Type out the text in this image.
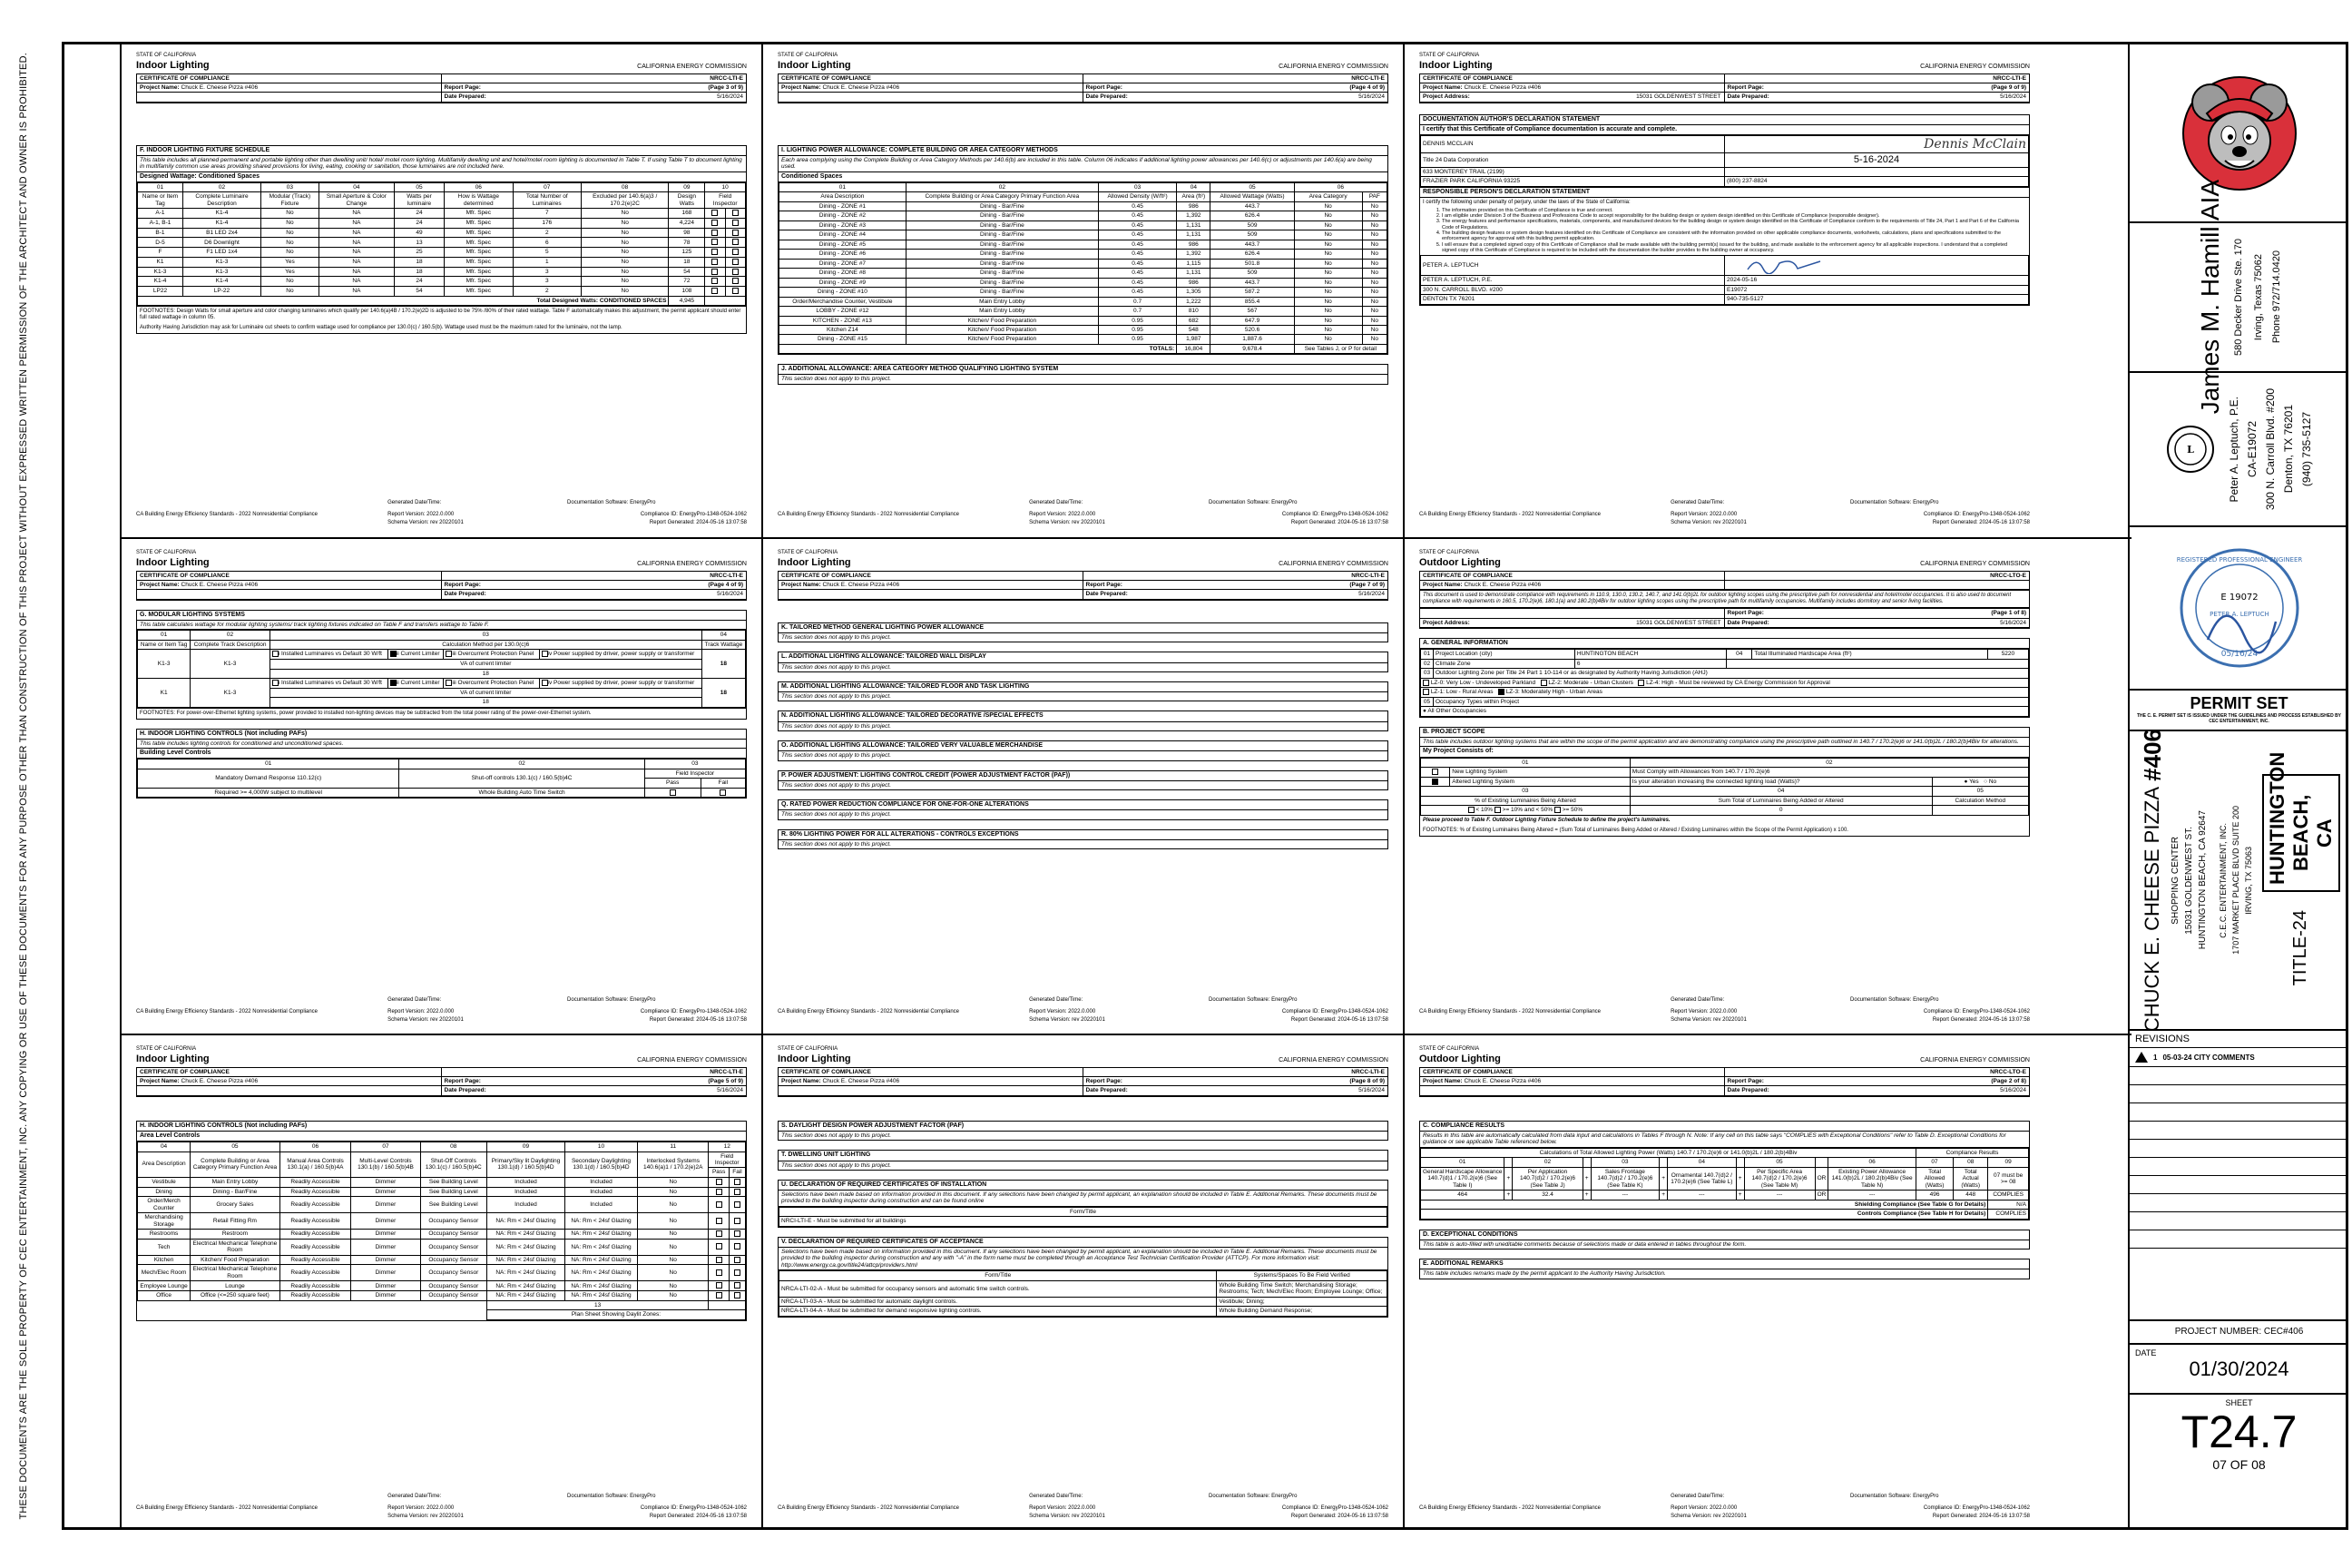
THESE DOCUMENTS ARE THE SOLE PROPERTY OF CEC ENTERTAINMENT, INC. ANY COPYING OR USE OF THESE DOCUMENTS FOR ANY PURPOSE OTHER THAN CONSTRUCTION OF THIS PROJECT WITHOUT EXPRESSED WRITTEN PERMISSION OF THE ARCHITECT AND OWNER IS PROHIBITED.	STATE OF CALIFORNIA
Indoor Lighting	CALIFORNIA ENERGY COMMISSION
CERTIFICATE OF COMPLIANCE	NRCC-LTI-E
Project Name: Chuck E. Cheese Pizza #406	Report Page:	(Page 3 of 9)
Date Prepared:	5/16/2024
F. INDOOR LIGHTING FIXTURE SCHEDULE
This table includes all planned permanent and portable lighting other than dwelling unit/ hotel/ motel room lighting. Multifamily dwelling unit and hotel/motel room lighting is documented in Table T. If using Table T to document lighting in multifamily common use areas providing shared provisions for living, eating, cooking or sanitation, those luminaires are not included here.
Designed Wattage: Conditioned Spaces
01	02	03	04	05	06	07	08	09	10	
Name or Item Tag	Complete Luminaire Description	Modular (Track) Fixture	Small Aperture & Color Change	Watts per luminaire	How is Wattage determined	Total Number of Luminaires	Excluded per 140.6(a)3 / 170.2(e)2C	Design Watts	Field Inspector	
A-1	K1-4	No	NA	24	Mfr. Spec	7	No	168		
A-1, B-1	K1-4	No	NA	24	Mfr. Spec	176	No	4,224		
B-1	B1 LED 2x4	No	NA	49	Mfr. Spec	2	No	98		
D-5	D6 Downlight	No	NA	13	Mfr. Spec	6	No	78		
F	F1 LED 1x4	No	NA	25	Mfr. Spec	5	No	125		
K1	K1-3	Yes	NA	18	Mfr. Spec	1	No	18		
K1-3	K1-3	Yes	NA	18	Mfr. Spec	3	No	54		
K1-4	K1-4	No	NA	24	Mfr. Spec	3	No	72		
LP22	LP-22	No	NA	54	Mfr. Spec	2	No	108		
Total Designed Watts: CONDITIONED SPACES								4,945		
FOOTNOTES: Design Watts for small aperture and color changing luminaires which qualify per 140.6(a)4B / 170.2(e)2D is adjusted to be 75% /80% of their rated wattage. Table F automatically makes this adjustment, the permit applicant should enter full rated wattage in column 05.
Authority Having Jurisdiction may ask for Luminaire cut sheets to confirm wattage used for compliance per 130.0(c) / 160.5(b). Wattage used must be the maximum rated for the luminaire, not the lamp.
Generated Date/Time:	Documentation Software: EnergyPro
CA Building Energy Efficiency Standards - 2022 Nonresidential Compliance	Report Version: 2022.0.000	Compliance ID: EnergyPro-1348-0524-1062
Schema Version: rev 20220101	Report Generated: 2024-05-16 13:07:58
STATE OF CALIFORNIA
Indoor Lighting	CALIFORNIA ENERGY COMMISSION
CERTIFICATE OF COMPLIANCE	NRCC-LTI-E
Project Name: Chuck E. Cheese Pizza #406	Report Page:	(Page 4 of 9)
Date Prepared:	5/16/2024
I. LIGHTING POWER ALLOWANCE: COMPLETE BUILDING OR AREA CATEGORY METHODS
Each area complying using the Complete Building or Area Category Methods per 140.6(b) are included in this table. Column 06 indicates if additional lighting power allowances per 140.6(c) or adjustments per 140.6(a) are being used.
Conditioned Spaces
01	02	03	04	05	06	
Area Description	Complete Building or Area Category Primary Function Area	Allowed Density (W/ft²)	Area (ft²)	Allowed Wattage (Watts)	Area Category	PAF
Dining - ZONE #1	Dining - Bar/Fine	0.45	986	443.7	No	No
Dining - ZONE #2	Dining - Bar/Fine	0.45	1,392	626.4	No	No
Dining - ZONE #3	Dining - Bar/Fine	0.45	1,131	509	No	No
Dining - ZONE #4	Dining - Bar/Fine	0.45	1,131	509	No	No
Dining - ZONE #5	Dining - Bar/Fine	0.45	986	443.7	No	No
Dining - ZONE #6	Dining - Bar/Fine	0.45	1,392	626.4	No	No
Dining - ZONE #7	Dining - Bar/Fine	0.45	1,115	501.8	No	No
Dining - ZONE #8	Dining - Bar/Fine	0.45	1,131	509	No	No
Dining - ZONE #9	Dining - Bar/Fine	0.45	986	443.7	No	No
Dining - ZONE #10	Dining - Bar/Fine	0.45	1,305	587.2	No	No
Order/Merchandise Counter, Vestibule	Main Entry Lobby	0.7	1,222	855.4	No	No
LOBBY - ZONE #12	Main Entry Lobby	0.7	810	567	No	No
KITCHEN - ZONE #13	Kitchen/ Food Preparation	0.95	682	647.9	No	No
Kitchen Z14	Kitchen/ Food Preparation	0.95	548	520.6	No	No
Dining - ZONE #15	Kitchen/ Food Preparation	0.95	1,987	1,887.6	No	No
TOTALS:			16,804	9,678.4	See Tables J, or P for detail	
J. ADDITIONAL ALLOWANCE: AREA CATEGORY METHOD QUALIFYING LIGHTING SYSTEM
This section does not apply to this project.
Generated Date/Time:	Documentation Software: EnergyPro
CA Building Energy Efficiency Standards - 2022 Nonresidential Compliance	Report Version: 2022.0.000	Compliance ID: EnergyPro-1348-0524-1062
Schema Version: rev 20220101	Report Generated: 2024-05-16 13:07:58
STATE OF CALIFORNIA
Indoor Lighting	CALIFORNIA ENERGY COMMISSION
CERTIFICATE OF COMPLIANCE	NRCC-LTI-E
Project Name: Chuck E. Cheese Pizza #406	Report Page:	(Page 9 of 9)
Project Address:	15031 GOLDENWEST STREET Date Prepared:	5/16/2024
DOCUMENTATION AUTHOR'S DECLARATION STATEMENT
I certify that this Certificate of Compliance documentation is accurate and complete.
DENNIS MCCLAIN	Dennis McClain
Title 24 Data Corporation	5-16-2024
633 MONTEREY TRAIL (2199)	
FRAZIER PARK CALIFORNIA 93225	(800) 237-8824
RESPONSIBLE PERSON'S DECLARATION STATEMENT
I certify the following under penalty of perjury, under the laws of the State of California:
1. The information provided on this Certificate of Compliance is true and correct.
2. I am eligible under Division 3 of the Business and Professions Code to accept responsibility for the building design or system design identified on this Certificate of Compliance (responsible designer).
3. The energy features and performance specifications, materials, components, and manufactured devices for the building design or system design identified on this Certificate of Compliance conform to the requirements of Title 24, Part 1 and Part 6 of the California Code of Regulations.
4. The building design features or system design features identified on this Certificate of Compliance are consistent with the information provided on other applicable compliance documents, worksheets, calculations, plans and specifications submitted to the enforcement agency for approval with this building permit application.
5. I will ensure that a completed signed copy of this Certificate of Compliance shall be made available with the building permit(s) issued for the building, and made available to the enforcement agency for all applicable inspections. I understand that a completed signed copy of this Certificate of Compliance is required to be included with the documentation the builder provides to the building owner at occupancy.
PETER A. LEPTUCH	

PETER A. LEPTUCH, P.E.	2024-05-16
300 N. CARROLL BLVD. #200	E19072
DENTON TX 76201	940-735-5127
Generated Date/Time:	Documentation Software: EnergyPro
CA Building Energy Efficiency Standards - 2022 Nonresidential Compliance	Report Version: 2022.0.000	Compliance ID: EnergyPro-1348-0524-1062
Schema Version: rev 20220101	Report Generated: 2024-05-16 13:07:58
STATE OF CALIFORNIA
Indoor Lighting	CALIFORNIA ENERGY COMMISSION
CERTIFICATE OF COMPLIANCE	NRCC-LTI-E
Project Name: Chuck E. Cheese Pizza #406	Report Page:	(Page 4 of 9)
Date Prepared:	5/16/2024
G. MODULAR LIGHTING SYSTEMS
This table calculates wattage for modular lighting systems/ track lighting fixtures indicated on Table F and transfers wattage to Table F.
01	02	03				04
Name or Item Tag	Complete Track Description	Calculation Method per 130.0(c)6				Track Wattage
K1-3	K1-3	i Installed Luminaires vs Default 30 W/ft	ii Current Limiter	iii Overcurrent Protection Panel	iv Power supplied by driver, power supply or transformer	18
		VA of current limiter				
		18				
K1	K1-3	i Installed Luminaires vs Default 30 W/ft	ii Current Limiter	iii Overcurrent Protection Panel	iv Power supplied by driver, power supply or transformer	18
		VA of current limiter				
		18				
FOOTNOTES: For power-over-Ethernet lighting systems, power provided to installed non-lighting devices may be subtracted from the total power rating of the power-over-Ethernet system.
H. INDOOR LIGHTING CONTROLS (Not including PAFs)
This table includes lighting controls for conditioned and unconditioned spaces.
Building Level Controls
01	02	03	
Mandatory Demand Response 110.12(c)	Shut-off controls 130.1(c) / 160.5(b)4C	Field Inspector	
		Pass	Fail
Required >= 4,000W subject to multilevel	Whole Building Auto Time Switch		
Generated Date/Time:	Documentation Software: EnergyPro
CA Building Energy Efficiency Standards - 2022 Nonresidential Compliance	Report Version: 2022.0.000	Compliance ID: EnergyPro-1348-0524-1062
Schema Version: rev 20220101	Report Generated: 2024-05-16 13:07:58
STATE OF CALIFORNIA
Indoor Lighting	CALIFORNIA ENERGY COMMISSION
CERTIFICATE OF COMPLIANCE	NRCC-LTI-E
Project Name: Chuck E. Cheese Pizza #406	Report Page:	(Page 7 of 9)
Date Prepared:	5/16/2024
K. TAILORED METHOD GENERAL LIGHTING POWER ALLOWANCE
This section does not apply to this project.
L. ADDITIONAL LIGHTING ALLOWANCE: TAILORED WALL DISPLAY
This section does not apply to this project.
M. ADDITIONAL LIGHTING ALLOWANCE: TAILORED FLOOR AND TASK LIGHTING
This section does not apply to this project.
N. ADDITIONAL LIGHTING ALLOWANCE: TAILORED DECORATIVE /SPECIAL EFFECTS
This section does not apply to this project.
O. ADDITIONAL LIGHTING ALLOWANCE: TAILORED VERY VALUABLE MERCHANDISE
This section does not apply to this project.
P. POWER ADJUSTMENT: LIGHTING CONTROL CREDIT (POWER ADJUSTMENT FACTOR (PAF))
This section does not apply to this project.
Q. RATED POWER REDUCTION COMPLIANCE FOR ONE-FOR-ONE ALTERATIONS
This section does not apply to this project.
R. 80% LIGHTING POWER FOR ALL ALTERATIONS - CONTROLS EXCEPTIONS
This section does not apply to this project.
Generated Date/Time:	Documentation Software: EnergyPro
CA Building Energy Efficiency Standards - 2022 Nonresidential Compliance	Report Version: 2022.0.000	Compliance ID: EnergyPro-1348-0524-1062
Schema Version: rev 20220101	Report Generated: 2024-05-16 13:07:58
STATE OF CALIFORNIA
Outdoor Lighting	CALIFORNIA ENERGY COMMISSION
CERTIFICATE OF COMPLIANCE	NRCC-LTO-E
Project Name: Chuck E. Cheese Pizza #406
This document is used to demonstrate compliance with requirements in 110.9, 130.0, 130.2, 140.7, and 141.0(b)2L for outdoor lighting scopes using the prescriptive path for nonresidential and hotel/motel occupancies. It is also used to document compliance with requirements in 160.5, 170.2(e)6, 180.1(a) and 180.2(b)4Biv for outdoor lighting scopes using the prescriptive path for multifamily occupancies. Multifamily includes dormitory and senior living facilities.
Report Page:	(Page 1 of 8)
Project Address:	15031 GOLDENWEST STREET Date Prepared:	5/16/2024
A. GENERAL INFORMATION
01	Project Location (city)	HUNTINGTON BEACH	04	Total Illuminated Hardscape Area (ft²)	5220
02	Climate Zone	6			
03	Outdoor Lighting Zone per Title 24 Part 1 10-114 or as designated by Authority Having Jurisdiction (AHJ)				
LZ-0: Very Low - Undeveloped Parkland LZ-2: Moderate - Urban Clusters LZ-4: High - Must be reviewed by CA Energy Commission for Approval					
LZ-1: Low - Rural Areas LZ-3: Moderately High - Urban Areas					
05	Occupancy Types within Project				
● All Other Occupancies					
B. PROJECT SCOPE
This table includes outdoor lighting systems that are within the scope of the permit application and are demonstrating compliance using the prescriptive path outlined in 140.7 / 170.2(e)6 or 141.0(b)2L / 180.2(b)4Biv for alterations.
My Project Consists of:
01		02	
	New Lighting System	Must Comply with Allowances from 140.7 / 170.2(e)6	
	Altered Lighting System	Is your alteration increasing the connected lighting load (Watts)?	● Yes   ○ No
03		04	05
% of Existing Luminaires Being Altered		Sum Total of Luminaires Being Added or Altered	Calculation Method
< 10% >= 10% and < 50% >= 50%		0	
Please proceed to Table F. Outdoor Lighting Fixture Schedule to define the project's luminaires.
FOOTNOTES: % of Existing Luminaires Being Altered = (Sum Total of Luminaires Being Added or Altered / Existing Luminaires within the Scope of the Permit Application) x 100.
Generated Date/Time:	Documentation Software: EnergyPro
CA Building Energy Efficiency Standards - 2022 Nonresidential Compliance	Report Version: 2022.0.000	Compliance ID: EnergyPro-1348-0524-1062
Schema Version: rev 20220101	Report Generated: 2024-05-16 13:07:58
STATE OF CALIFORNIA
Indoor Lighting	CALIFORNIA ENERGY COMMISSION
CERTIFICATE OF COMPLIANCE	NRCC-LTI-E
Project Name: Chuck E. Cheese Pizza #406	Report Page:	(Page 5 of 9)
Date Prepared:	5/16/2024
H. INDOOR LIGHTING CONTROLS (Not including PAFs)
Area Level Controls
04	05	06	07	08	09	10	11	12	
Area Description	Complete Building or Area Category Primary Function Area	Manual Area Controls 130.1(a) / 160.5(b)4A	Multi-Level Controls 130.1(b) / 160.5(b)4B	Shut-Off Controls 130.1(c) / 160.5(b)4C	Primary/Sky lit Daylighting 130.1(d) / 160.5(b)4D	Secondary Daylighting 130.1(d) / 160.5(b)4D	Interlocked Systems 140.6(a)1 / 170.2(e)2A	Field Inspector	
								Pass	Fail
Vestibule	Main Entry Lobby	Readily Accessible	Dimmer	See Building Level	Included	Included	No		
Dining	Dining - Bar/Fine	Readily Accessible	Dimmer	See Building Level	Included	Included	No		
Order/Merch Counter	Grocery Sales	Readily Accessible	Dimmer	See Building Level	Included	Included	No		
Merchandising Storage	Retail Fitting Rm	Readily Accessible	Dimmer	Occupancy Sensor	NA: Rm < 24sf Glazing	NA: Rm < 24sf Glazing	No		
Restrooms	Restroom	Readily Accessible	Dimmer	Occupancy Sensor	NA: Rm < 24sf Glazing	NA: Rm < 24sf Glazing	No		
Tech	Electrical Mechanical Telephone Room	Readily Accessible	Dimmer	Occupancy Sensor	NA: Rm < 24sf Glazing	NA: Rm < 24sf Glazing	No		
Kitchen	Kitchen/ Food Preparation	Readily Accessible	Dimmer	Occupancy Sensor	NA: Rm < 24sf Glazing	NA: Rm < 24sf Glazing	No		
Mech/Elec Room	Electrical Mechanical Telephone Room	Readily Accessible	Dimmer	Occupancy Sensor	NA: Rm < 24sf Glazing	NA: Rm < 24sf Glazing	No		
Employee Lounge	Lounge	Readily Accessible	Dimmer	Occupancy Sensor	NA: Rm < 24sf Glazing	NA: Rm < 24sf Glazing	No		
Office	Office (<=250 square feet)	Readily Accessible	Dimmer	Occupancy Sensor	NA: Rm < 24sf Glazing	NA: Rm < 24sf Glazing	No		
					13				
					Plan Sheet Showing Daylit Zones:				
Generated Date/Time:	Documentation Software: EnergyPro
CA Building Energy Efficiency Standards - 2022 Nonresidential Compliance	Report Version: 2022.0.000	Compliance ID: EnergyPro-1348-0524-1062
Schema Version: rev 20220101	Report Generated: 2024-05-16 13:07:58
STATE OF CALIFORNIA
Indoor Lighting	CALIFORNIA ENERGY COMMISSION
CERTIFICATE OF COMPLIANCE	NRCC-LTI-E
Project Name: Chuck E. Cheese Pizza #406	Report Page:	(Page 8 of 9)
Date Prepared:	5/16/2024
S. DAYLIGHT DESIGN POWER ADJUSTMENT FACTOR (PAF)
This section does not apply to this project.
T. DWELLING UNIT LIGHTING
This section does not apply to this project.
U. DECLARATION OF REQUIRED CERTIFICATES OF INSTALLATION
Selections have been made based on information provided in this document. If any selections have been changed by permit applicant, an explanation should be included in Table E. Additional Remarks. These documents must be provided to the building inspector during construction and can be found online
Form/Title
NRCI-LTI-E - Must be submitted for all buildings
V. DECLARATION OF REQUIRED CERTIFICATES OF ACCEPTANCE
Selections have been made based on information provided in this document. If any selections have been changed by permit applicant, an explanation should be included in Table E. Additional Remarks. These documents must be provided to the building inspector during construction and any with "-A" in the form name must be completed through an Acceptance Test Technician Certification Provider (ATTCP). For more information visit: http://www.energy.ca.gov/title24/attcp/providers.html
Form/Title	Systems/Spaces To Be Field Verified
NRCA-LTI-02-A - Must be submitted for occupancy sensors and automatic time switch controls.	Whole Building Time Switch; Merchandising Storage; Restrooms; Tech; Mech/Elec Room; Employee Lounge; Office;
NRCA-LTI-03-A - Must be submitted for automatic daylight controls.	Vestibule; Dining;
NRCA-LTI-04-A - Must be submitted for demand responsive lighting controls.	Whole Building Demand Response;
Generated Date/Time:	Documentation Software: EnergyPro
CA Building Energy Efficiency Standards - 2022 Nonresidential Compliance	Report Version: 2022.0.000	Compliance ID: EnergyPro-1348-0524-1062
Schema Version: rev 20220101	Report Generated: 2024-05-16 13:07:58
STATE OF CALIFORNIA
Outdoor Lighting	CALIFORNIA ENERGY COMMISSION
CERTIFICATE OF COMPLIANCE	NRCC-LTO-E
Project Name: Chuck E. Cheese Pizza #406	Report Page:	(Page 2 of 8)
Date Prepared:	5/16/2024
C. COMPLIANCE RESULTS
Results in this table are automatically calculated from data input and calculations in Tables F through N. Note: If any cell on this table says "COMPLIES with Exceptional Conditions" refer to Table D. Exceptional Conditions for guidance or see applicable Table referenced below.
Calculations of Total Allowed Lighting Power (Watts) 140.7 / 170.2(e)6 or 141.0(b)2L / 180.2(b)4Biv											Compliance Results		
01		02		03		04		05		06	07	08	09
General Hardscape Allowance 140.7(d)1 / 170.2(e)6 (See Table I)	+	Per Application 140.7(d)2 / 170.2(e)6 (See Table J)	+	Sales Frontage 140.7(d)2 / 170.2(e)6 (See Table K)	+	Ornamental 140.7(d)2 / 170.2(e)6 (See Table L)	+	Per Specific Area 140.7(d)2 / 170.2(e)6 (See Table M)	OR	Existing Power Allowance 141.0(b)2L / 180.2(b)4Biv (See Table N)	Total Allowed (Watts)	Total Actual (Watts)	07 must be >= 08
464	+	32.4	+	---	+	---	+	---	OR	---	496	448	COMPLIES
Shielding Compliance (See Table G for Details)													N/A
Controls Compliance (See Table H for Details)													COMPLIES
D. EXCEPTIONAL CONDITIONS
This table is auto-filled with uneditable comments because of selections made or data entered in tables throughout the form.
E. ADDITIONAL REMARKS
This table includes remarks made by the permit applicant to the Authority Having Jurisdiction.
Generated Date/Time:	Documentation Software: EnergyPro
CA Building Energy Efficiency Standards - 2022 Nonresidential Compliance	Report Version: 2022.0.000	Compliance ID: EnergyPro-1348-0524-1062
Schema Version: rev 20220101	Report Generated: 2024-05-16 13:07:58
James M. Hamill AIA 580 Decker Drive Ste. 170 Irving, Texas 75062 Phone 972/714.0420
L	Peter A. Leptuch, P.E. CA-E19072 300 N. Carroll Blvd. #200 Denton, TX 76201 (940) 735-5127
REGISTERED PROFESSIONAL ENGINEER
E 19072
PETER A. LEPTUCH
05/16/24
PERMIT SET
THE C. E. PERMIT SET IS ISSUED UNDER THE GUIDELINES AND PROCESS ESTABLISHED BY CEC ENTERTAINMENT, INC.
#406
CHUCK E. CHEESE PIZZA SHOPPING CENTER 15031 GOLDENWEST ST. HUNTINGTON BEACH, CA 92647 C.E.C. ENTERTAINMENT, INC. 1707 MARKET PLACE BLVD SUITE 200 IRVING, TX 75063 HUNTINGTON BEACH, CA
TITLE-24
REVISIONS
1 05-03-24 CITY COMMENTS
PROJECT NUMBER: CEC#406
DATE
01/30/2024
SHEET
T24.7
07 OF 08
